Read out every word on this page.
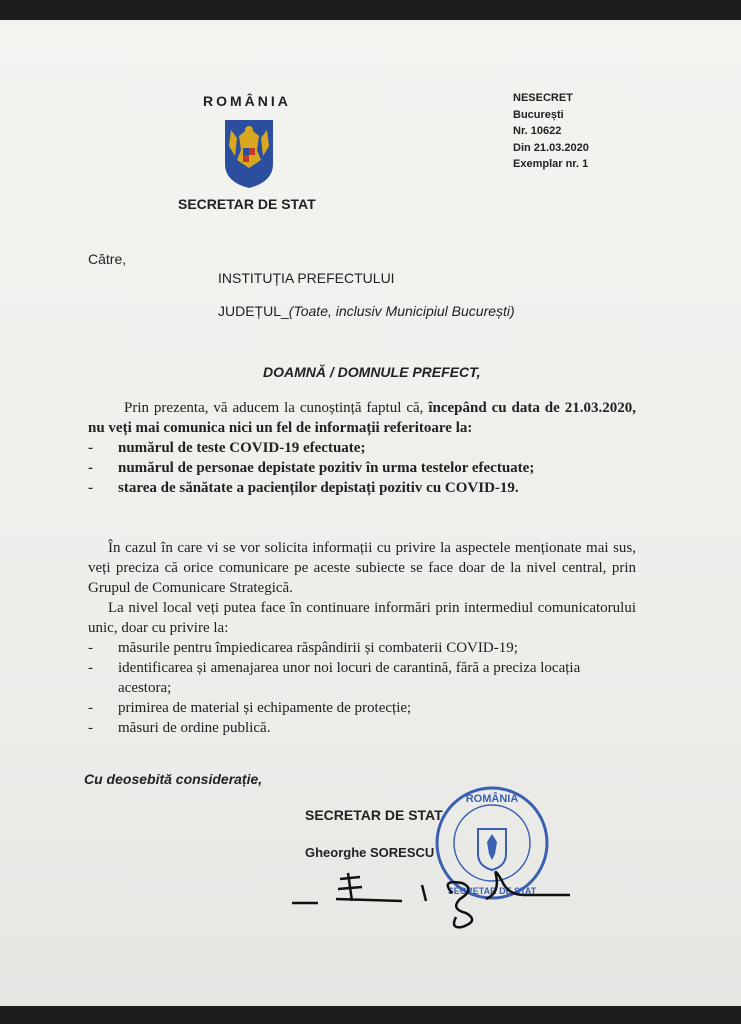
ROMÂNIA
SECRETAR DE STAT
NESECRET
București
Nr. 10622
Din 21.03.2020
Exemplar nr. 1
Către,
INSTITUȚIA PREFECTULUI
JUDEȚUL_(Toate, inclusiv Municipiul București)
DOAMNĂ / DOMNULE PREFECT,
Prin prezenta, vă aducem la cunoștință faptul că, începând cu data de 21.03.2020, nu veți mai comunica nici un fel de informații referitoare la:
- numărul de teste COVID-19 efectuate;
- numărul de personae depistate pozitiv în urma testelor efectuate;
- starea de sănătate a pacienților depistați pozitiv cu COVID-19.
În cazul în care vi se vor solicita informații cu privire la aspectele menționate mai sus, veți preciza că orice comunicare pe aceste subiecte se face doar de la nivel central, prin Grupul de Comunicare Strategică.
La nivel local veți putea face în continuare informări prin intermediul comunicatorului unic, doar cu privire la:
- măsurile pentru împiedicarea răspândirii și combaterii COVID-19;
-	identificarea și amenajarea unor noi locuri de carantină, fără a preciza locația acestora;
- primirea de material și echipamente de protecție;
- măsuri de ordine publică.
Cu deosebită considerație,
ROMÂNIA
SECRETAR DE STAT
SECRETAR DE STAT
Gheorghe SORESCU
